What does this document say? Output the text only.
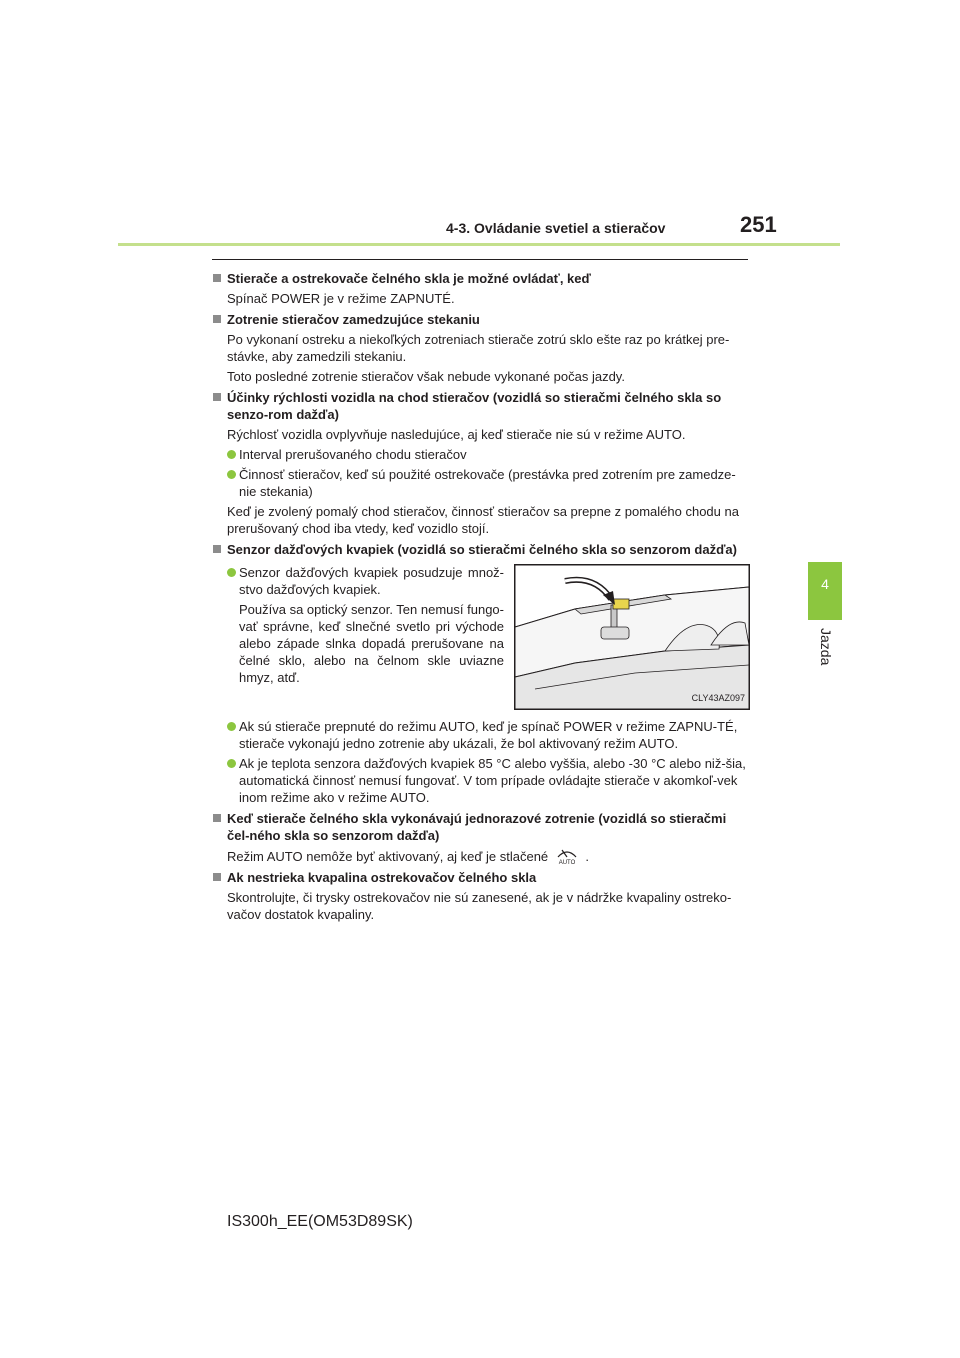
4-3. Ovládanie svetiel a stieračov	251
4
Jazda
Stierače a ostrekovače čelného skla je možné ovládať, keď
Spínač POWER je v režime ZAPNUTÉ.
Zotrenie stieračov zamedzujúce stekaniu
Po vykonaní ostreku a niekoľkých zotreniach stierače zotrú sklo ešte raz po krátkej pre-stávke, aby zamedzili stekaniu.
Toto posledné zotrenie stieračov však nebude vykonané počas jazdy.
Účinky rýchlosti vozidla na chod stieračov (vozidlá so stieračmi čelného skla so senzo-rom dažďa)
Rýchlosť vozidla ovplyvňuje nasledujúce, aj keď stierače nie sú v režime AUTO.
Interval prerušovaného chodu stieračov
Činnosť stieračov, keď sú použité ostrekovače (prestávka pred zotrením pre zamedze-nie stekania)
Keď je zvolený pomalý chod stieračov, činnosť stieračov sa prepne z pomalého chodu na prerušovaný chod iba vtedy, keď vozidlo stojí.
Senzor dažďových kvapiek (vozidlá so stieračmi čelného skla so senzorom dažďa)
Senzor dažďových kvapiek posudzuje množ-stvo dažďových kvapiek.
Používa sa optický senzor. Ten nemusí fungo-vať správne, keď slnečné svetlo pri východe alebo západe slnka dopadá prerušovane na čelné sklo, alebo na čelnom skle uviazne hmyz, atď.
CLY43AZ097
Ak sú stierače prepnuté do režimu AUTO, keď je spínač POWER v režime ZAPNU-TÉ, stierače vykonajú jedno zotrenie aby ukázali, že bol aktivovaný režim AUTO.
Ak je teplota senzora dažďových kvapiek 85 °C alebo vyššia, alebo -30 °C alebo niž-šia, automatická činnosť nemusí fungovať. V tom prípade ovládajte stierače v akomkoľ-vek inom režime ako v režime AUTO.
Keď stierače čelného skla vykonávajú jednorazové zotrenie (vozidlá so stieračmi čel-ného skla so senzorom dažďa)
Režim AUTO nemôže byť aktivovaný, aj keď je stlačené AUTO .
Ak nestrieka kvapalina ostrekovačov čelného skla
Skontrolujte, či trysky ostrekovačov nie sú zanesené, ak je v nádržke kvapaliny ostreko-vačov dostatok kvapaliny.
IS300h_EE(OM53D89SK)
